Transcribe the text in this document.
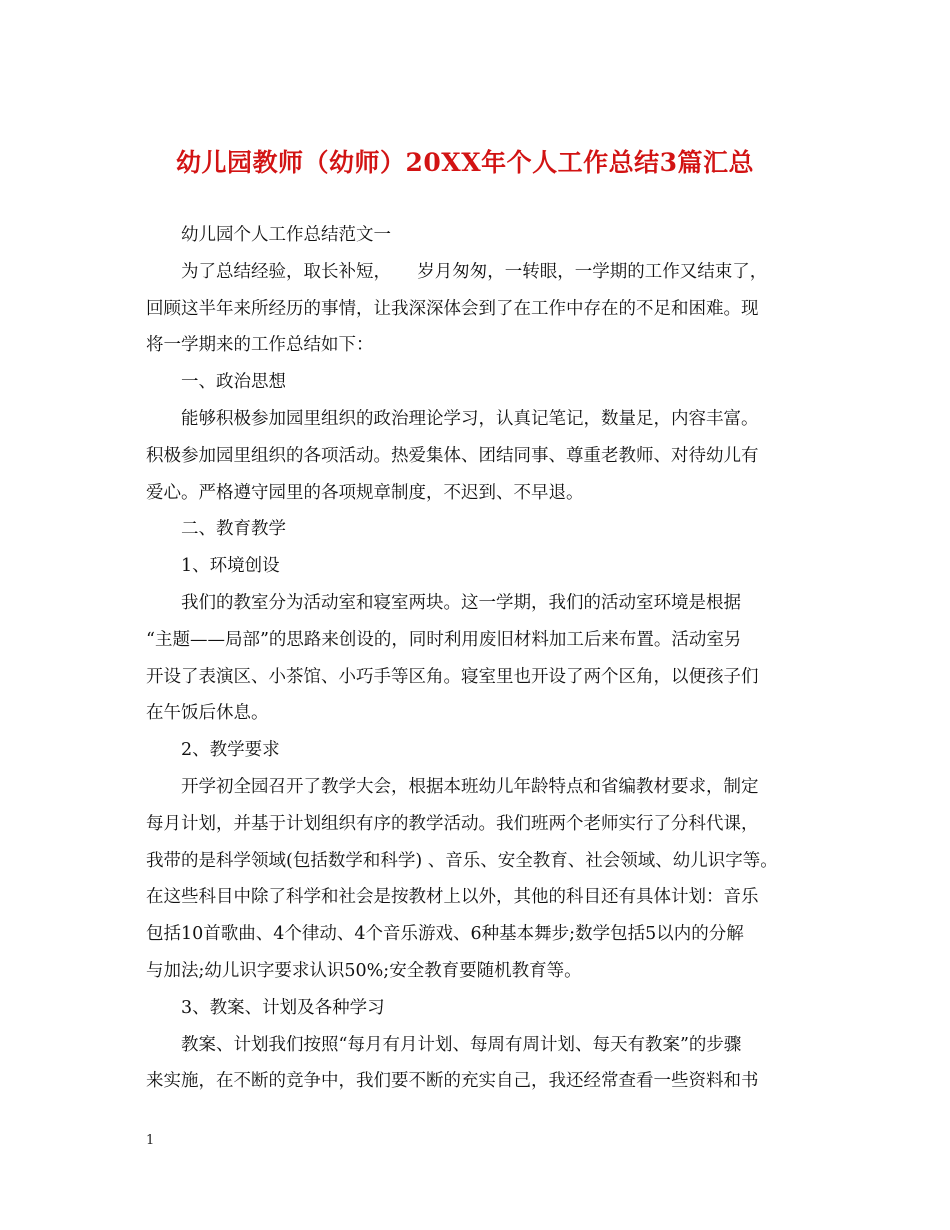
幼儿园教师（幼师）20XX年个人工作总结3篇汇总
幼儿园个人工作总结范文一
为了总结经验，取长补短，　　岁月匆匆，一转眼，一学期的工作又结束了，
回顾这半年来所经历的事情，让我深深体会到了在工作中存在的不足和困难。现
将一学期来的工作总结如下：
一、政治思想
能够积极参加园里组织的政治理论学习，认真记笔记，数量足，内容丰富。
积极参加园里组织的各项活动。热爱集体、团结同事、尊重老教师、对待幼儿有
爱心。严格遵守园里的各项规章制度，不迟到、不早退。
二、教育教学
1、环境创设
我们的教室分为活动室和寝室两块。这一学期，我们的活动室环境是根据
“主题——局部”的思路来创设的，同时利用废旧材料加工后来布置。活动室另
开设了表演区、小茶馆、小巧手等区角。寝室里也开设了两个区角，以便孩子们
在午饭后休息。
2、教学要求
开学初全园召开了教学大会，根据本班幼儿年龄特点和省编教材要求，制定
每月计划，并基于计划组织有序的教学活动。我们班两个老师实行了分科代课，
我带的是科学领域(包括数学和科学) 、音乐、安全教育、社会领域、幼儿识字等。
在这些科目中除了科学和社会是按教材上以外，其他的科目还有具体计划：音乐
包括10首歌曲、4个律动、4个音乐游戏、6种基本舞步;数学包括5以内的分解
与加法;幼儿识字要求认识50%;安全教育要随机教育等。
3、教案、计划及各种学习
教案、计划我们按照“每月有月计划、每周有周计划、每天有教案”的步骤
来实施，在不断的竞争中，我们要不断的充实自己，我还经常查看一些资料和书
1
